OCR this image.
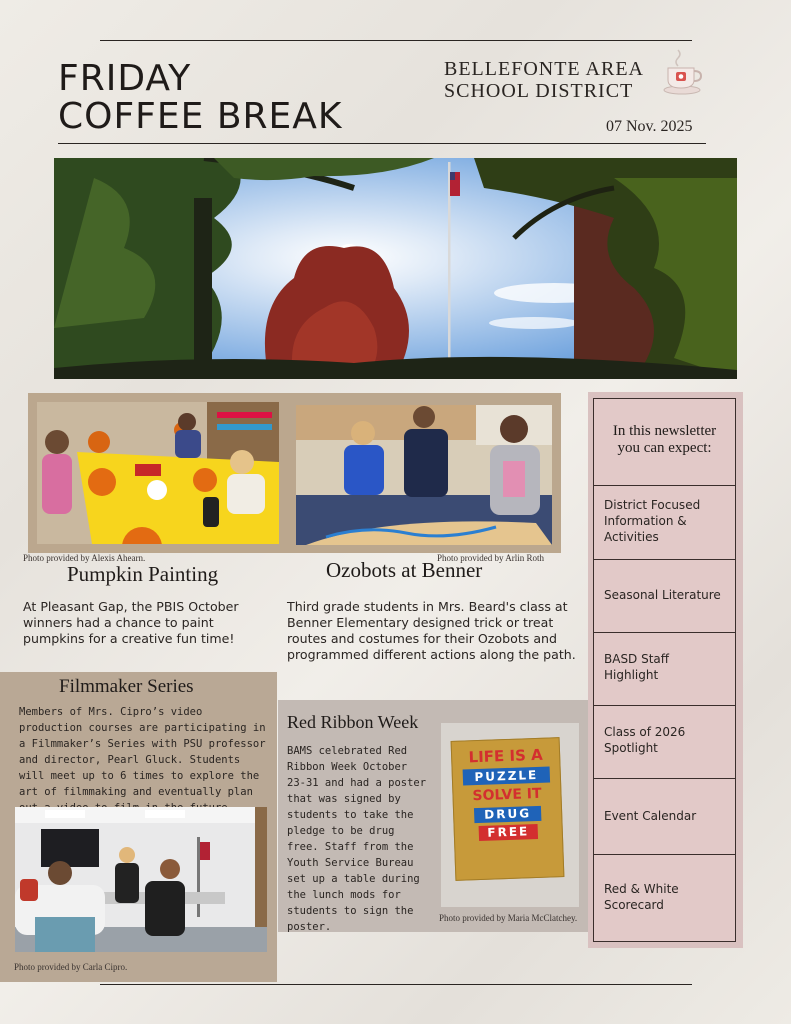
FRIDAY
COFFEE BREAK
BELLEFONTE AREA
SCHOOL DISTRICT
07 Nov. 2025
Photo provided by Alexis Ahearn.	Photo provided by Arlin Roth
Pumpkin Painting
At Pleasant Gap, the PBIS October winners had a chance to paint pumpkins for a creative fun time!
Ozobots at Benner
Third grade students in Mrs. Beard's class at Benner Elementary designed trick or treat routes and costumes for their Ozobots and programmed different actions along the path.
Filmmaker Series
Members of Mrs. Cipro’s video production courses are participating in a Filmmaker’s Series with PSU professor and director, Pearl Gluck. Students will meet up to 6 times to explore the art of filmmaking and eventually plan
Photo provided by Carla Cipro.
Red Ribbon Week
BAMS celebrated Red Ribbon Week October 23-31 and had a poster that was signed by students to take the pledge to be drug free. Staff from the Youth Service Bureau set up a table during the lunch mods for students to sign the poster.
LIFE IS A
PUZZLE
SOLVE IT
DRUG
FREE
Photo provided by Maria McClatchey.
In this newsletter you can expect:
District Focused Information & Activities
Seasonal Literature
BASD Staff Highlight
Class of 2026 Spotlight
Event Calendar
Red & White Scorecard
